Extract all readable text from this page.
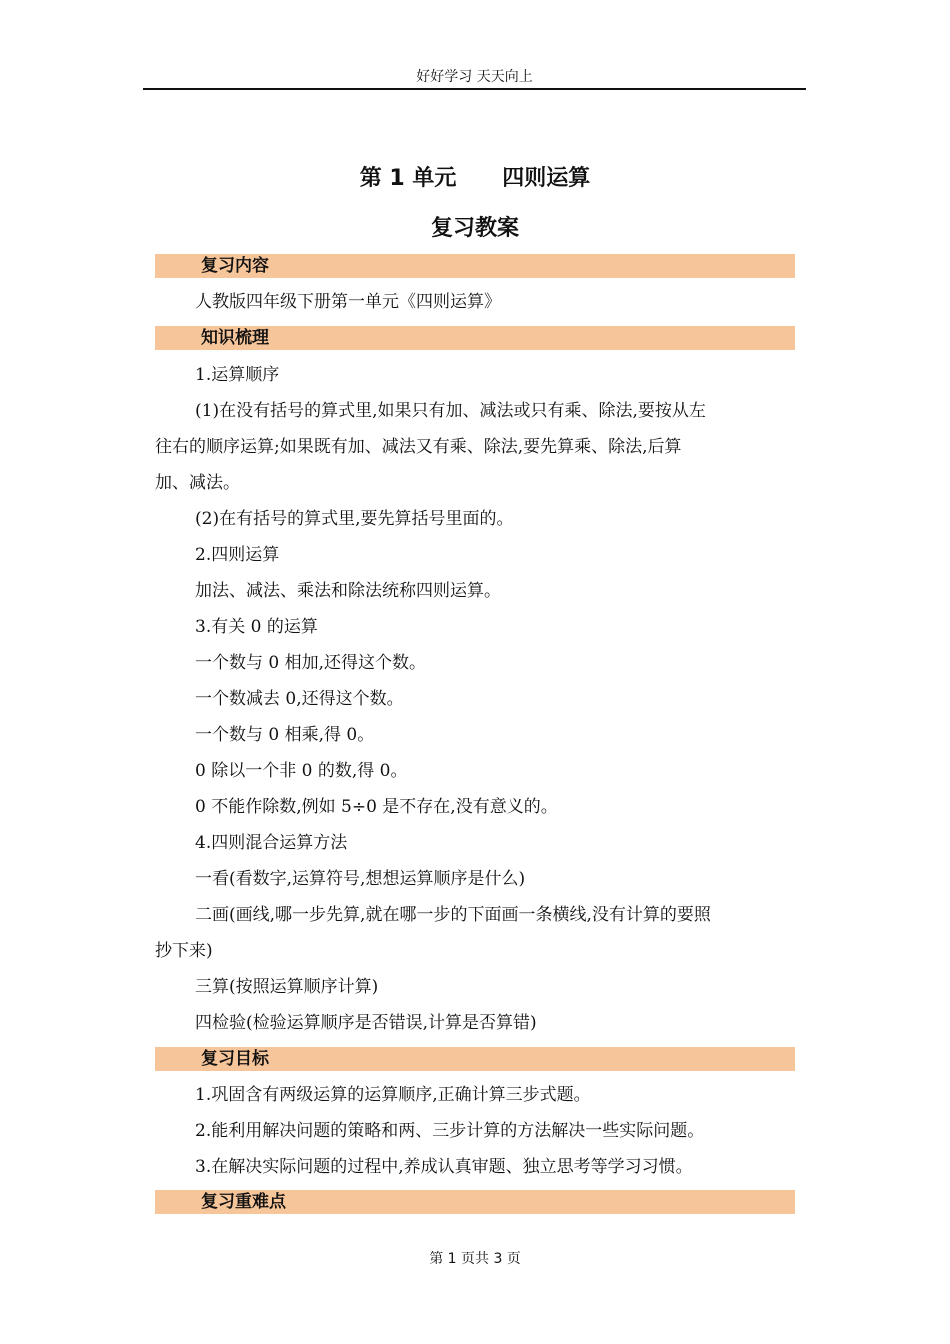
好好学习 天天向上
第 1 单元      四则运算
复习教案
复习内容
人教版四年级下册第一单元《四则运算》
知识梳理
1.运算顺序
(1)在没有括号的算式里,如果只有加、减法或只有乘、除法,要按从左
往右的顺序运算;如果既有加、减法又有乘、除法,要先算乘、除法,后算
加、减法。
(2)在有括号的算式里,要先算括号里面的。
2.四则运算
加法、减法、乘法和除法统称四则运算。
3.有关 0 的运算
一个数与 0 相加,还得这个数。
一个数减去 0,还得这个数。
一个数与 0 相乘,得 0。
0 除以一个非 0 的数,得 0。
0 不能作除数,例如 5÷0 是不存在,没有意义的。
4.四则混合运算方法
一看(看数字,运算符号,想想运算顺序是什么)
二画(画线,哪一步先算,就在哪一步的下面画一条横线,没有计算的要照
抄下来)
三算(按照运算顺序计算)
四检验(检验运算顺序是否错误,计算是否算错)
复习目标
1.巩固含有两级运算的运算顺序,正确计算三步式题。
2.能利用解决问题的策略和两、三步计算的方法解决一些实际问题。
3.在解决实际问题的过程中,养成认真审题、独立思考等学习习惯。
复习重难点
第 1 页共 3 页
